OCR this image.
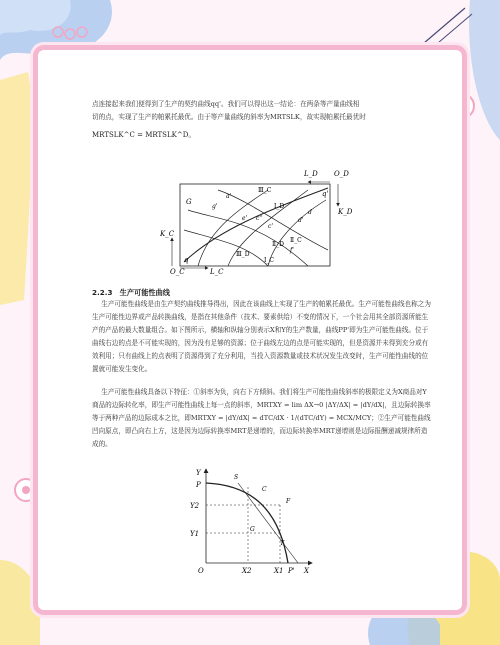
点连接起来我们便得到了生产的契约曲线qq'。我们可以得出这一结论：在两条等产量曲线相
切的点，实现了生产的帕累托最优。由于等产量曲线的斜率为MRTSLK，故实现帕累托最优时
MRTSLK^C = MRTSLK^D。
L_D O_D
K_D
K_C
O_C	L_C
G
q
q'
Ⅲ_C
Ⅰ_D
Ⅱ_C
Ⅱ_D
Ⅲ_D
Ⅰ_C
g'
e'
c'
d'
c''
f'
d
a'
2.2.3　生产可能性曲线
生产可能性曲线是由生产契约曲线推导得出，因此在该曲线上实现了生产的帕累托最优。生产可能性曲线也称之为生产可能性边界或产品转换曲线，是指在其他条件（技术、要素供给）不变的情况下，一个社会用其全部资源所能生产的产品的最大数量组合。如下图所示，横轴和纵轴分别表示X和Y的生产数量，曲线PP'即为生产可能性曲线。位于曲线右边的点是不可能实现的，因为没有足够的资源；位于曲线左边的点是可能实现的，但是资源并未得到充分或有效利用；只有曲线上的点表明了资源得到了充分利用，当投入资源数量或技术状况发生改变时，生产可能性曲线的位置就可能发生变化。
生产可能性曲线具备以下特征：①斜率为负，向右下方倾斜。我们将生产可能性曲线斜率的极限定义为X商品对Y商品的边际转化率，即生产可能性曲线上每一点的斜率，MRTXY = lim ΔX→0 |ΔY/ΔX| = |dY/dX|，且边际转换率等于两种产品的边际成本之比，即MRTXY = |dY/dX| = dTC/dX · 1/(dTC/dY) = MCX/MCY；②生产可能性曲线凹向原点，即凸向右上方，这是因为边际转换率MRT是递增的，而边际转换率MRT递增则是边际报酬递减规律所造成的。
Y
P
Y2
Y1
O	X2	X1 P' X
S
C
F
G
T
